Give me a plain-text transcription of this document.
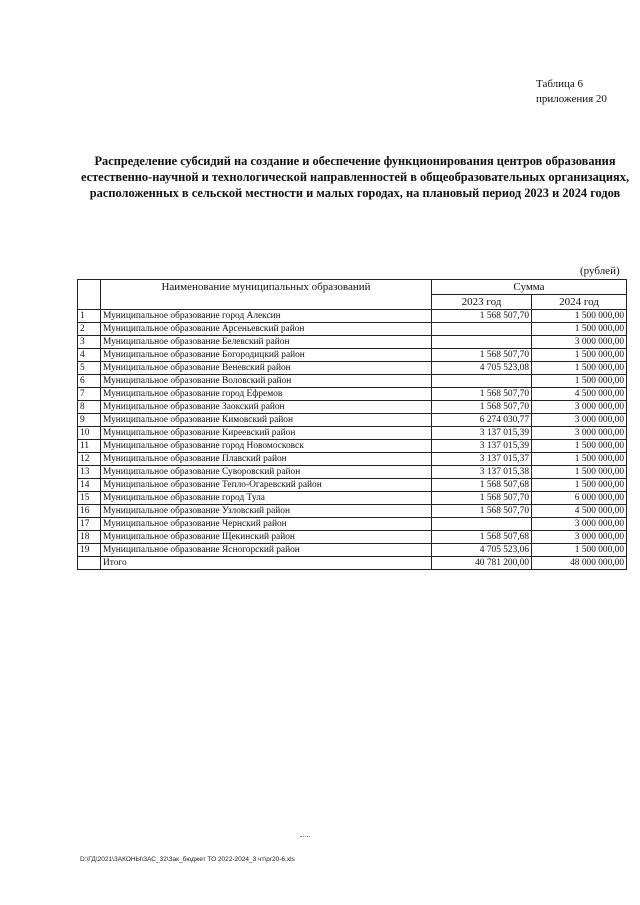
Таблица 6
приложения 20
Распределение субсидий на создание и обеспечение функционирования центров образования естественно-научной и технологической направленностей в общеобразовательных организациях, расположенных в сельской местности и малых городах, на плановый период 2023 и 2024 годов
(рублей)
	Наименование муниципальных образований	Сумма	
		2023 год	2024 год
1	Муниципальное образование город Алексин	1 568 507,70	1 500 000,00
2	Муниципальное образование Арсеньевский район		1 500 000,00
3	Муниципальное образование Белевский район		3 000 000,00
4	Муниципальное образование Богородицкий район	1 568 507,70	1 500 000,00
5	Муниципальное образование Веневский район	4 705 523,08	1 500 000,00
6	Муниципальное образование Воловский район		1 500 000,00
7	Муниципальное образование город Ефремов	1 568 507,70	4 500 000,00
8	Муниципальное образование Заокский район	1 568 507,70	3 000 000,00
9	Муниципальное образование Кимовский район	6 274 030,77	3 000 000,00
10	Муниципальное образование Киреевский район	3 137 015,39	3 000 000,00
11	Муниципальное образование город Новомосковск	3 137 015,39	1 500 000,00
12	Муниципальное образование Плавский район	3 137 015,37	1 500 000,00
13	Муниципальное образование Суворовский район	3 137 015,38	1 500 000,00
14	Муниципальное образование Тепло-Огаревский район	1 568 507,68	1 500 000,00
15	Муниципальное образование город Тула	1 568 507,70	6 000 000,00
16	Муниципальное образование Узловский район	1 568 507,70	4 500 000,00
17	Муниципальное образование Чернский район		3 000 000,00
18	Муниципальное образование Щекинский район	1 568 507,68	3 000 000,00
19	Муниципальное образование Ясногорский район	4 705 523,06	1 500 000,00
	Итого	40 781 200,00	48 000 000,00
D:\ГД\2021\ЗАКОНЫ\ЗАС_32\Зак_бюджет ТО 2022-2024_3 чт\pr20-6.xls
